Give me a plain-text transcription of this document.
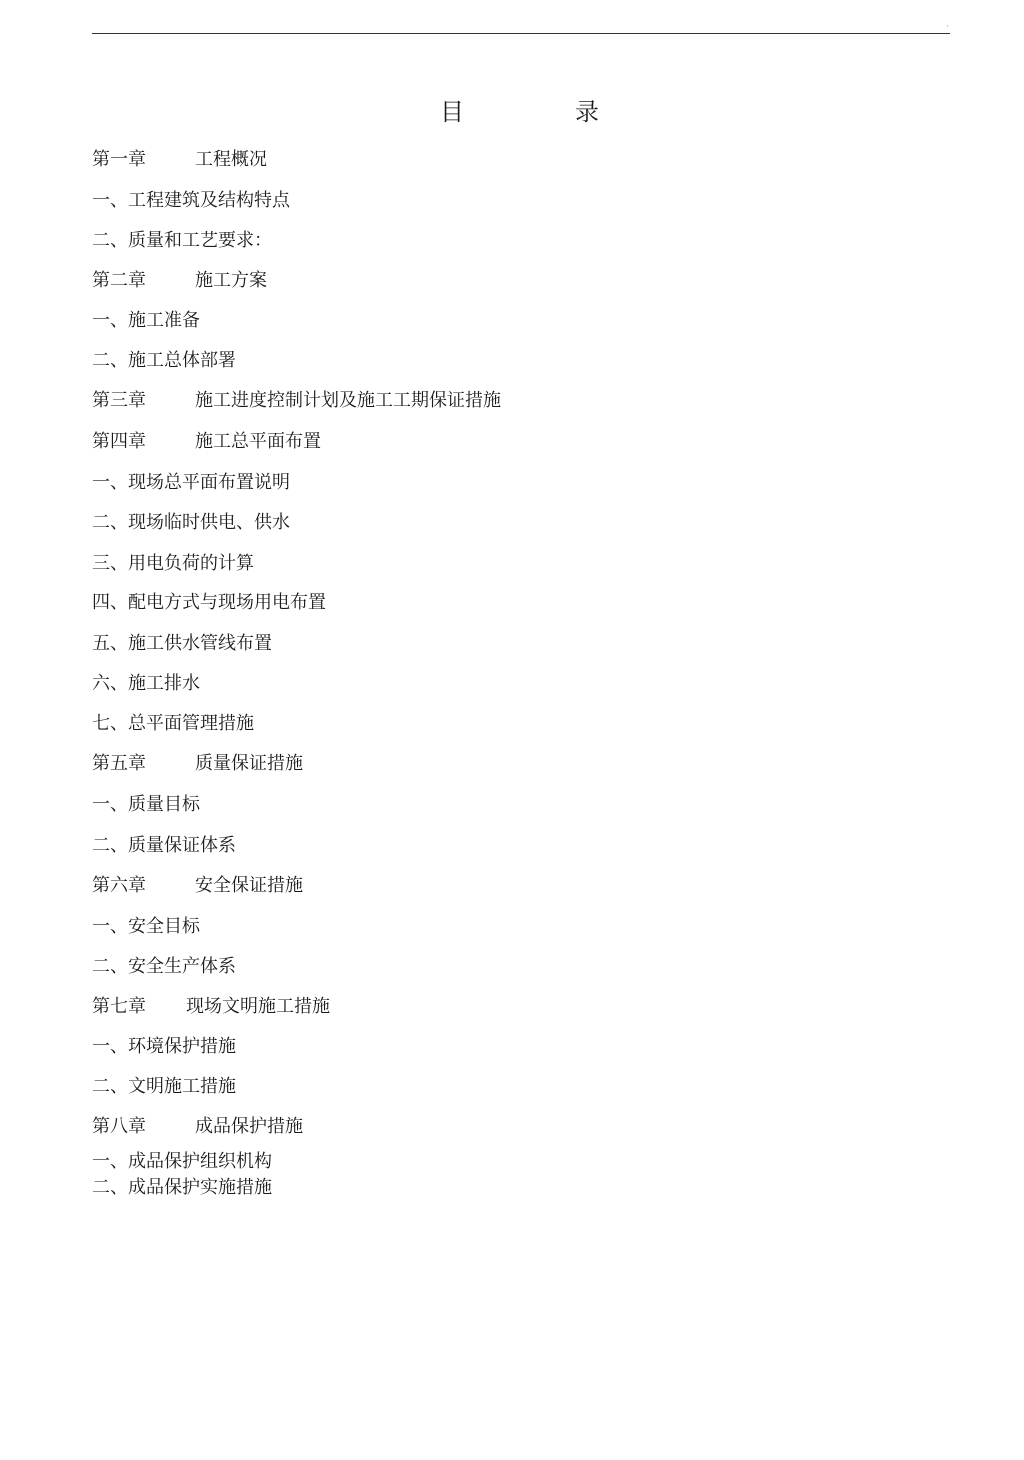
·
目	录
第一章	工程概况
一、工程建筑及结构特点
二、质量和工艺要求：
第二章	施工方案
一、施工准备
二、施工总体部署
第三章	施工进度控制计划及施工工期保证措施
第四章	施工总平面布置
一、现场总平面布置说明
二、现场临时供电、供水
三、用电负荷的计算
四、配电方式与现场用电布置
五、施工供水管线布置
六、施工排水
七、总平面管理措施
第五章	质量保证措施
一、质量目标
二、质量保证体系
第六章	安全保证措施
一、安全目标
二、安全生产体系
第七章 现场文明施工措施
一、环境保护措施
二、文明施工措施
第八章	成品保护措施
一、成品保护组织机构
二、成品保护实施措施
